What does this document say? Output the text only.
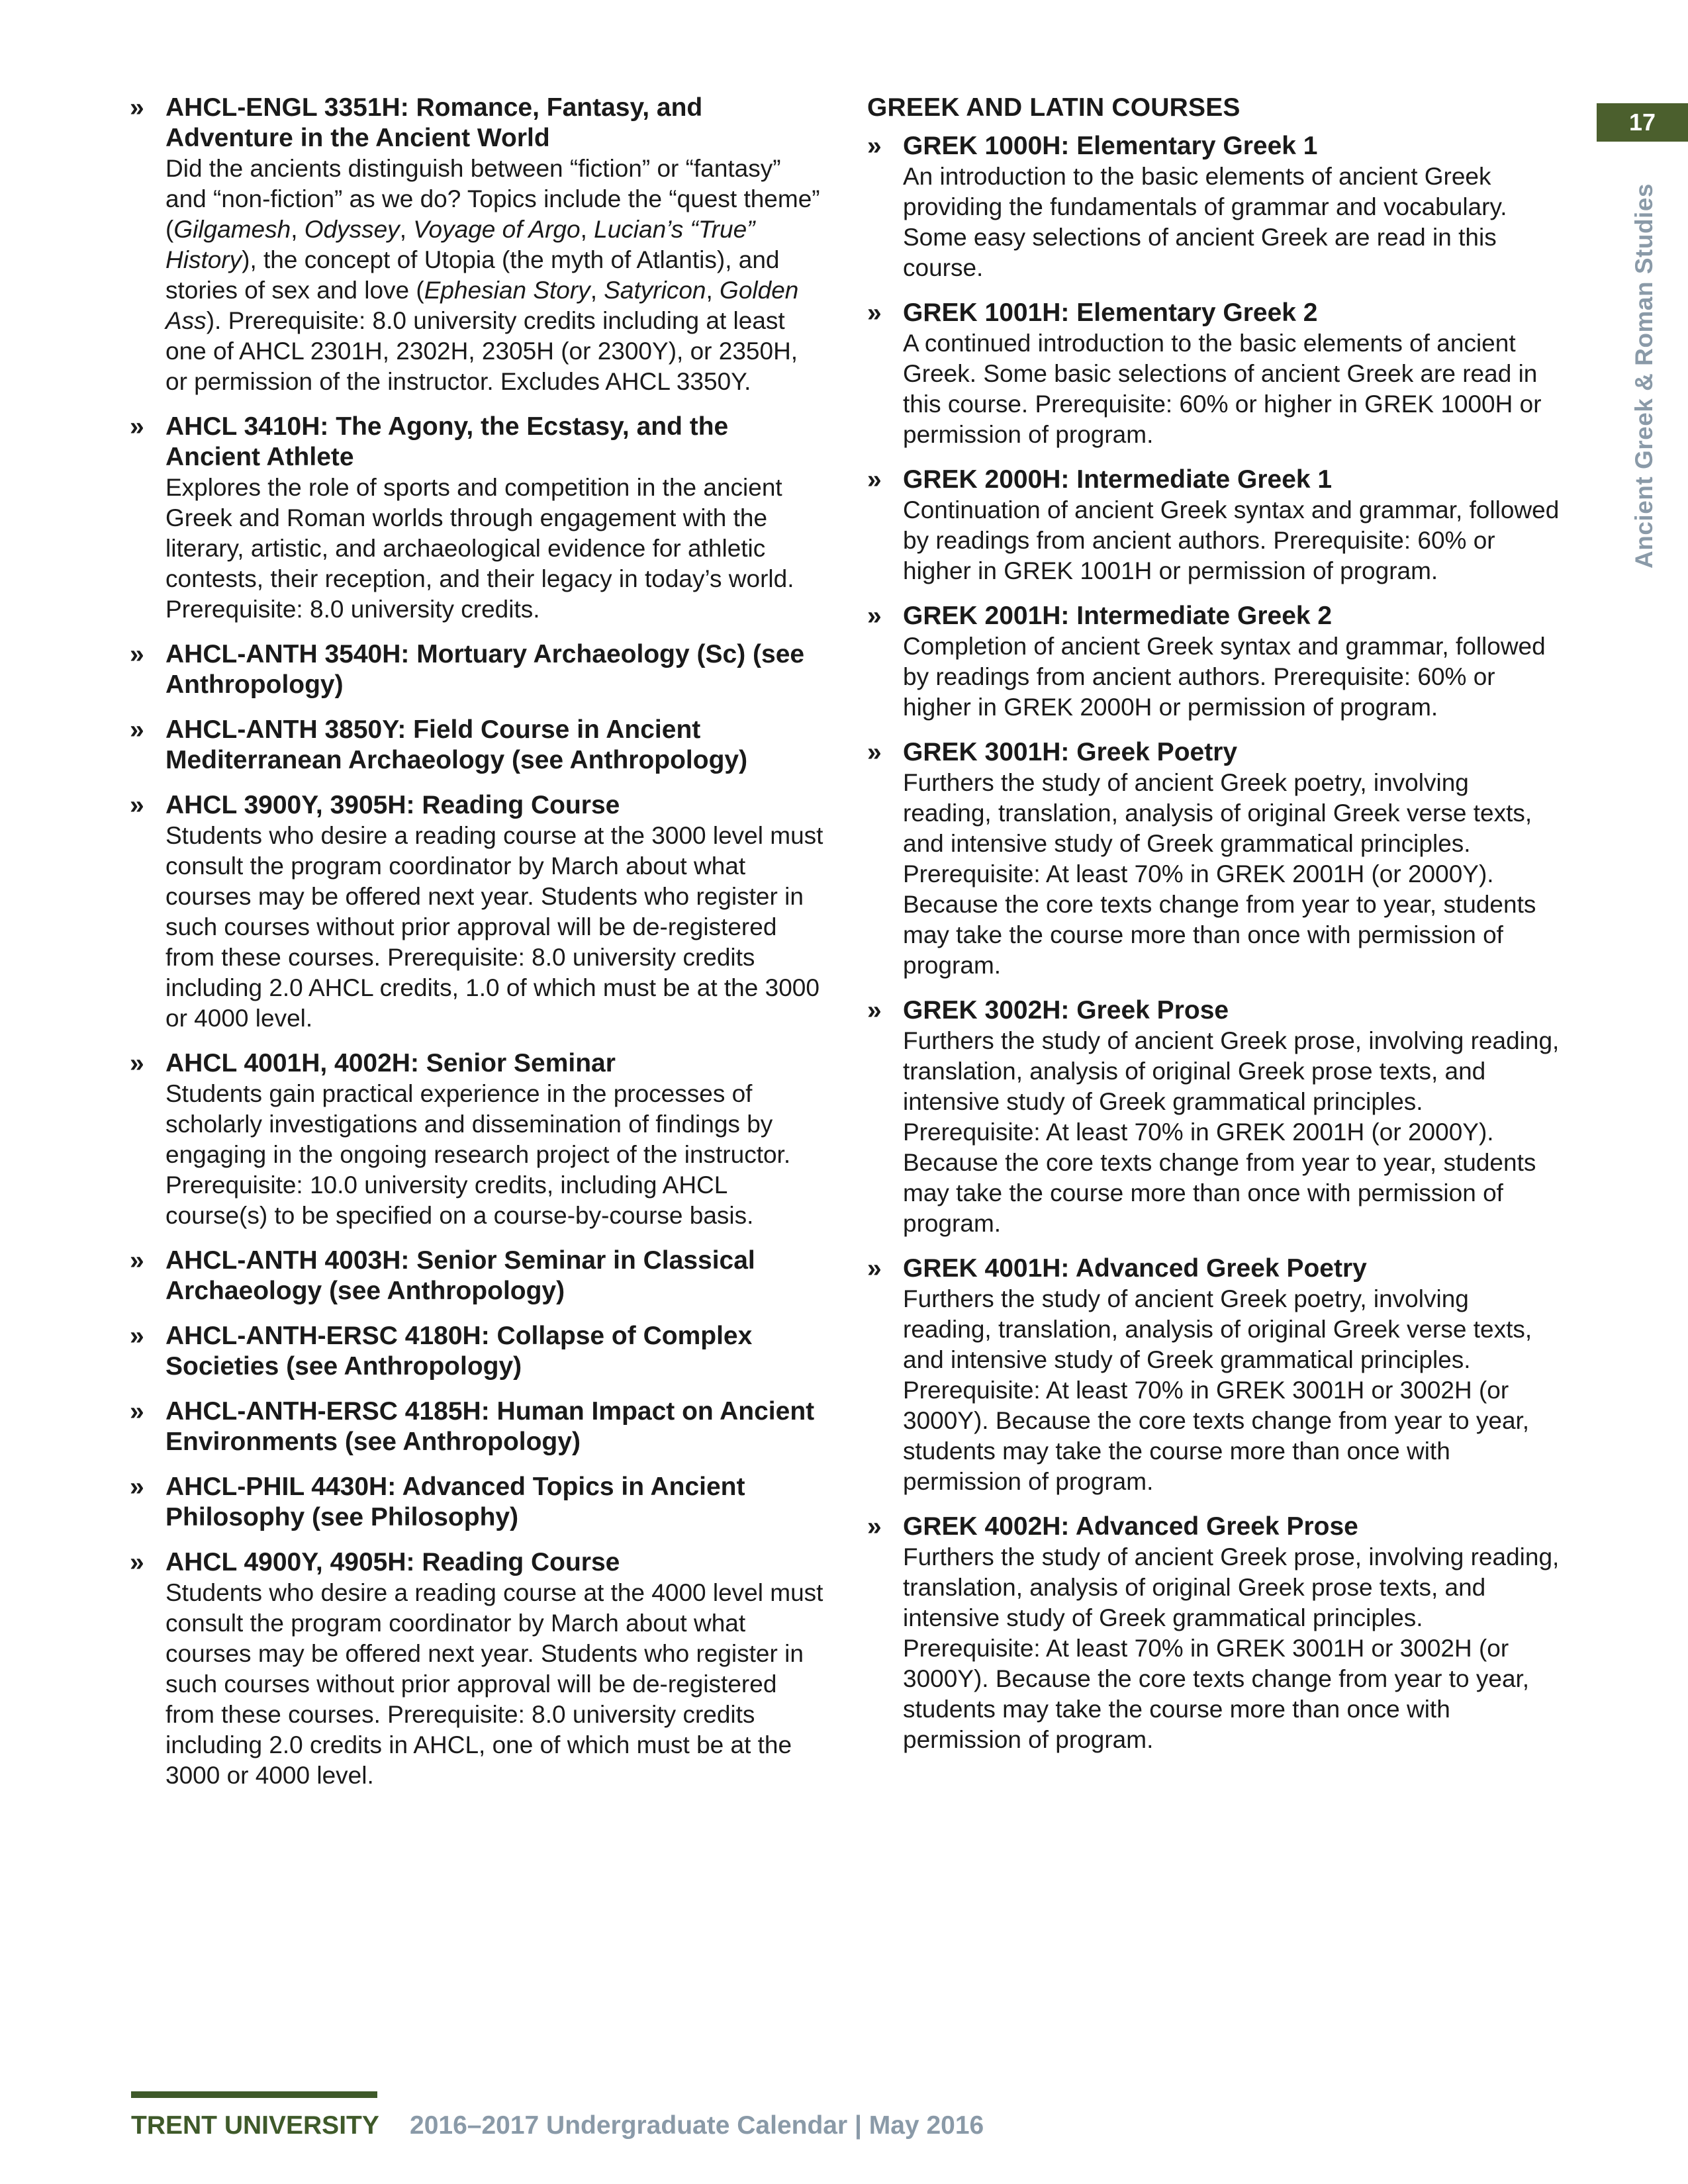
» AHCL-ENGL 3351H: Romance, Fantasy, and Adventure in the Ancient World
Did the ancients distinguish between “fiction” or “fantasy” and “non-fiction” as we do? Topics include the “quest theme” (Gilgamesh, Odyssey, Voyage of Argo, Lucian’s “True” History), the concept of Utopia (the myth of Atlantis), and stories of sex and love (Ephesian Story, Satyricon, Golden Ass). Prerequisite: 8.0 university credits including at least one of AHCL 2301H, 2302H, 2305H (or 2300Y), or 2350H, or permission of the instructor. Excludes AHCL 3350Y.
» AHCL 3410H: The Agony, the Ecstasy, and the Ancient Athlete
Explores the role of sports and competition in the ancient Greek and Roman worlds through engagement with the literary, artistic, and archaeological evidence for athletic contests, their reception, and their legacy in today’s world. Prerequisite: 8.0 university credits.
» AHCL-ANTH 3540H: Mortuary Archaeology (Sc) (see Anthropology)
» AHCL-ANTH 3850Y: Field Course in Ancient Mediterranean Archaeology (see Anthropology)
» AHCL 3900Y, 3905H: Reading Course
Students who desire a reading course at the 3000 level must consult the program coordinator by March about what courses may be offered next year. Students who register in such courses without prior approval will be de-registered from these courses. Prerequisite: 8.0 university credits including 2.0 AHCL credits, 1.0 of which must be at the 3000 or 4000 level.
» AHCL 4001H, 4002H: Senior Seminar
Students gain practical experience in the processes of scholarly investigations and dissemination of findings by engaging in the ongoing research project of the instructor. Prerequisite: 10.0 university credits, including AHCL course(s) to be specified on a course-by-course basis.
» AHCL-ANTH 4003H: Senior Seminar in Classical Archaeology (see Anthropology)
» AHCL-ANTH-ERSC 4180H: Collapse of Complex Societies (see Anthropology)
» AHCL-ANTH-ERSC 4185H: Human Impact on Ancient Environments (see Anthropology)
» AHCL-PHIL 4430H: Advanced Topics in Ancient Philosophy (see Philosophy)
» AHCL 4900Y, 4905H: Reading Course
Students who desire a reading course at the 4000 level must consult the program coordinator by March about what courses may be offered next year. Students who register in such courses without prior approval will be de-registered from these courses. Prerequisite: 8.0 university credits including 2.0 credits in AHCL, one of which must be at the 3000 or 4000 level.
GREEK AND LATIN COURSES
» GREK 1000H: Elementary Greek 1
An introduction to the basic elements of ancient Greek providing the fundamentals of grammar and vocabulary. Some easy selections of ancient Greek are read in this course.
» GREK 1001H: Elementary Greek 2
A continued introduction to the basic elements of ancient Greek. Some basic selections of ancient Greek are read in this course. Prerequisite: 60% or higher in GREK 1000H or permission of program.
» GREK 2000H: Intermediate Greek 1
Continuation of ancient Greek syntax and grammar, followed by readings from ancient authors. Prerequisite: 60% or higher in GREK 1001H or permission of program.
» GREK 2001H: Intermediate Greek 2
Completion of ancient Greek syntax and grammar, followed by readings from ancient authors. Prerequisite: 60% or higher in GREK 2000H or permission of program.
» GREK 3001H: Greek Poetry
Furthers the study of ancient Greek poetry, involving reading, translation, analysis of original Greek verse texts, and intensive study of Greek grammatical principles. Prerequisite: At least 70% in GREK 2001H (or 2000Y). Because the core texts change from year to year, students may take the course more than once with permission of program.
» GREK 3002H: Greek Prose
Furthers the study of ancient Greek prose, involving reading, translation, analysis of original Greek prose texts, and intensive study of Greek grammatical principles. Prerequisite: At least 70% in GREK 2001H (or 2000Y). Because the core texts change from year to year, students may take the course more than once with permission of program.
» GREK 4001H: Advanced Greek Poetry
Furthers the study of ancient Greek poetry, involving reading, translation, analysis of original Greek verse texts, and intensive study of Greek grammatical principles. Prerequisite: At least 70% in GREK 3001H or 3002H (or 3000Y). Because the core texts change from year to year, students may take the course more than once with permission of program.
» GREK 4002H: Advanced Greek Prose
Furthers the study of ancient Greek prose, involving reading, translation, analysis of original Greek prose texts, and intensive study of Greek grammatical principles. Prerequisite: At least 70% in GREK 3001H or 3002H (or 3000Y). Because the core texts change from year to year, students may take the course more than once with permission of program.
17
Ancient Greek & Roman Studies
TRENT UNIVERSITY 2016–2017 Undergraduate Calendar | May 2016
